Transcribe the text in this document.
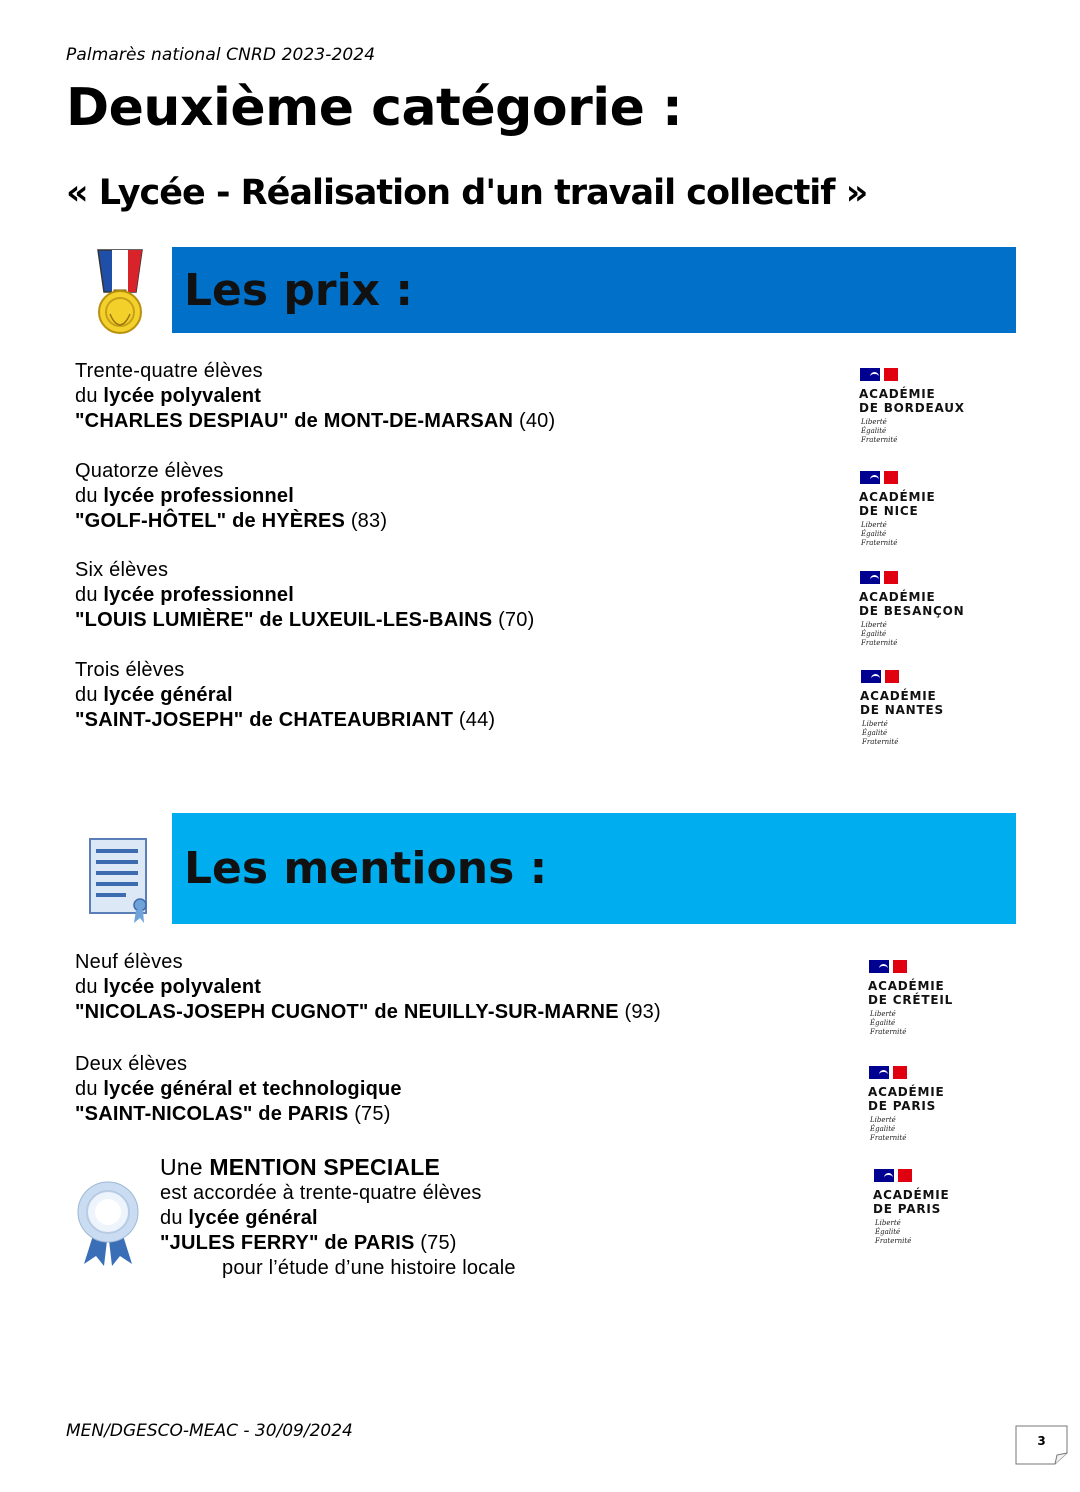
Palmarès national CNRD 2023-2024
Deuxième catégorie :
« Lycée - Réalisation d'un travail collectif »
Les prix :
Trente-quatre élèves
du lycée polyvalent
"CHARLES DESPIAU" de MONT-DE-MARSAN (40)
Quatorze élèves
du lycée professionnel
"GOLF-HÔTEL" de HYÈRES (83)
Six élèves
du lycée professionnel
"LOUIS LUMIÈRE" de LUXEUIL-LES-BAINS (70)
Trois élèves
du lycée général
"SAINT-JOSEPH" de CHATEAUBRIANT (44)
ACADÉMIE
DE BORDEAUX
Liberté
Égalité
Fraternité
ACADÉMIE
DE NICE
Liberté
Égalité
Fraternité
ACADÉMIE
DE BESANÇON
Liberté
Égalité
Fraternité
ACADÉMIE
DE NANTES
Liberté
Égalité
Fraternité
Les mentions :
Neuf élèves
du lycée polyvalent
"NICOLAS-JOSEPH CUGNOT" de NEUILLY-SUR-MARNE (93)
Deux élèves
du lycée général et technologique
"SAINT-NICOLAS" de PARIS (75)
Une MENTION SPECIALE
est accordée à trente-quatre élèves
du lycée général
"JULES FERRY" de PARIS (75)
pour l’étude d’une histoire locale
ACADÉMIE
DE CRÉTEIL
Liberté
Égalité
Fraternité
ACADÉMIE
DE PARIS
Liberté
Égalité
Fraternité
ACADÉMIE
DE PARIS
Liberté
Égalité
Fraternité
MEN/DGESCO-MEAC - 30/09/2024	3
